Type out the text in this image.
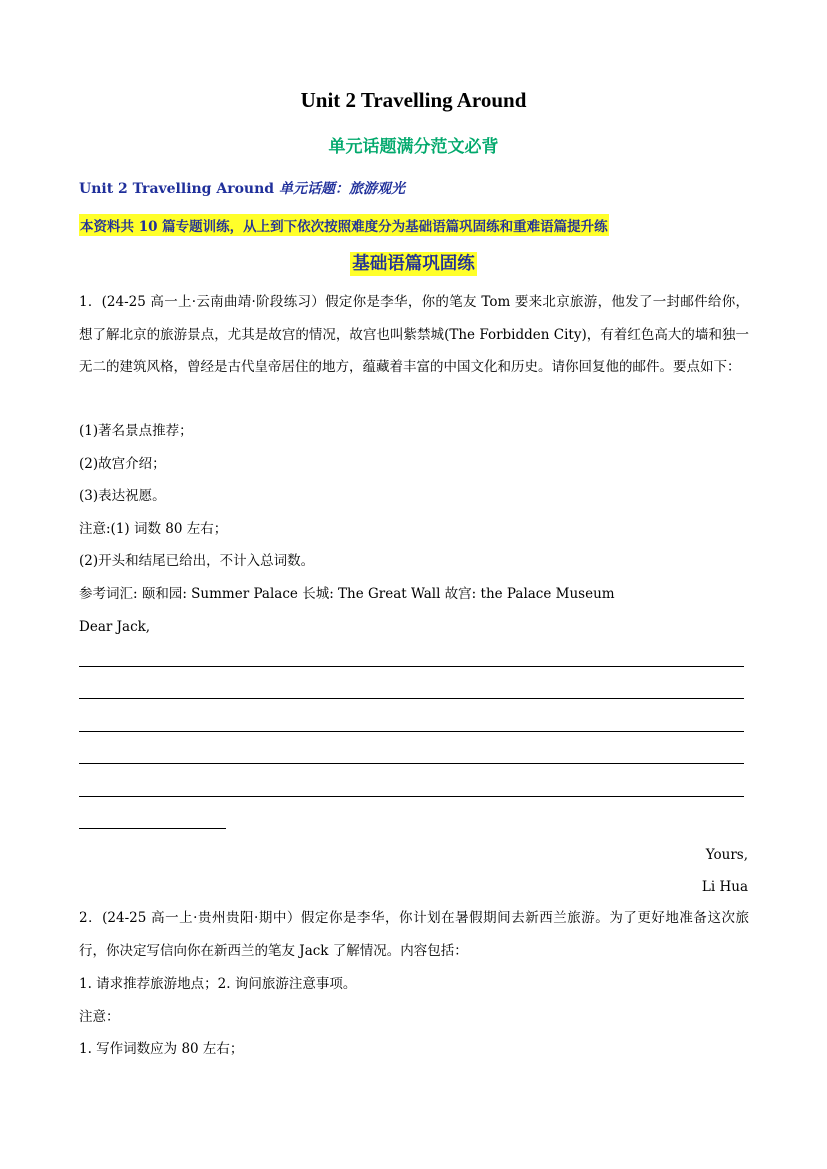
Unit 2 Travelling Around
单元话题满分范文必背
Unit 2 Travelling Around 单元话题：旅游观光
本资料共 10 篇专题训练，从上到下依次按照难度分为基础语篇巩固练和重难语篇提升练
基础语篇巩固练
1．(24-25 高一上·云南曲靖·阶段练习）假定你是李华，你的笔友 Tom 要来北京旅游，他发了一封邮件给你，想了解北京的旅游景点，尤其是故宫的情况，故宫也叫紫禁城(The Forbidden City)，有着红色高大的墙和独一无二的建筑风格，曾经是古代皇帝居住的地方，蕴藏着丰富的中国文化和历史。请你回复他的邮件。要点如下：
(1)著名景点推荐；
(2)故宫介绍；
(3)表达祝愿。
注意:(1) 词数 80 左右；
(2)开头和结尾已给出，不计入总词数。
参考词汇: 颐和园: Summer Palace 长城: The Great Wall 故宫: the Palace Museum
Dear Jack,
Yours,
Li Hua
2．(24-25 高一上·贵州贵阳·期中）假定你是李华，你计划在暑假期间去新西兰旅游。为了更好地准备这次旅行，你决定写信向你在新西兰的笔友 Jack 了解情况。内容包括：
1. 请求推荐旅游地点；2. 询问旅游注意事项。
注意：
1. 写作词数应为 80 左右；
